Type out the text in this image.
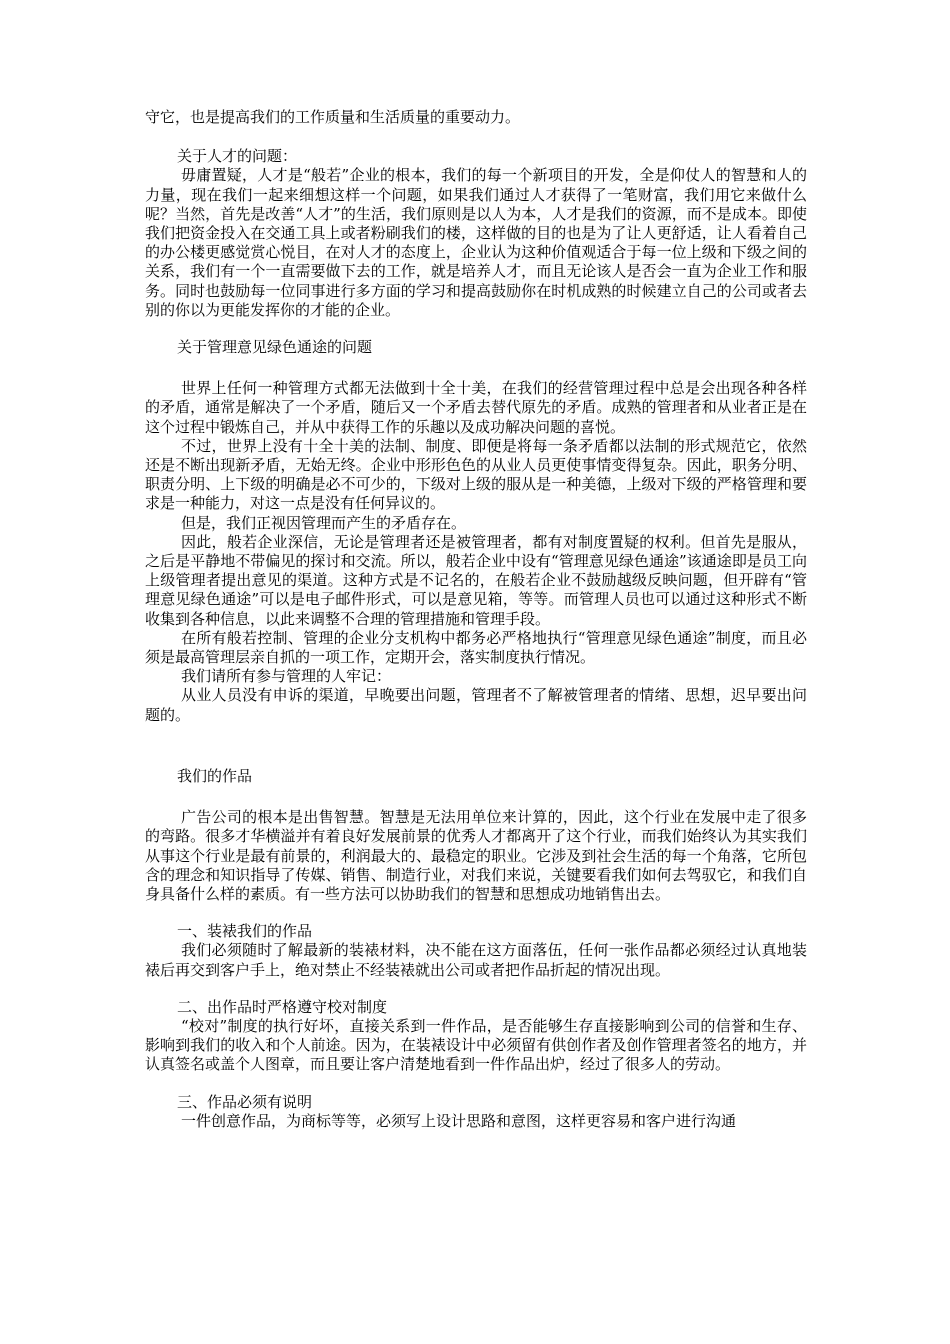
守它，也是提高我们的工作质量和生活质量的重要动力。
关于人才的问题：
毋庸置疑，人才是“般若”企业的根本，我们的每一个新项目的开发，全是仰仗人的智慧和人的力量，现在我们一起来细想这样一个问题，如果我们通过人才获得了一笔财富，我们用它来做什么呢？当然，首先是改善“人才”的生活，我们原则是以人为本，人才是我们的资源，而不是成本。即使我们把资金投入在交通工具上或者粉刷我们的楼，这样做的目的也是为了让人更舒适，让人看着自己的办公楼更感觉赏心悦目，在对人才的态度上，企业认为这种价值观适合于每一位上级和下级之间的关系，我们有一个一直需要做下去的工作，就是培养人才，而且无论该人是否会一直为企业工作和服务。同时也鼓励每一位同事进行多方面的学习和提高鼓励你在时机成熟的时候建立自己的公司或者去别的你以为更能发挥你的才能的企业。
关于管理意见绿色通途的问题
世界上任何一种管理方式都无法做到十全十美，在我们的经营管理过程中总是会出现各种各样的矛盾，通常是解决了一个矛盾，随后又一个矛盾去替代原先的矛盾。成熟的管理者和从业者正是在这个过程中锻炼自己，并从中获得工作的乐趣以及成功解决问题的喜悦。
不过，世界上没有十全十美的法制、制度、即便是将每一条矛盾都以法制的形式规范它，依然还是不断出现新矛盾，无始无终。企业中形形色色的从业人员更使事情变得复杂。因此，职务分明、职责分明、上下级的明确是必不可少的，下级对上级的服从是一种美德，上级对下级的严格管理和要求是一种能力，对这一点是没有任何异议的。
但是，我们正视因管理而产生的矛盾存在。
因此，般若企业深信，无论是管理者还是被管理者，都有对制度置疑的权利。但首先是服从，之后是平静地不带偏见的探讨和交流。所以，般若企业中设有“管理意见绿色通途”该通途即是员工向上级管理者提出意见的渠道。这种方式是不记名的，在般若企业不鼓励越级反映问题，但开辟有“管理意见绿色通途”可以是电子邮件形式，可以是意见箱，等等。而管理人员也可以通过这种形式不断收集到各种信息，以此来调整不合理的管理措施和管理手段。
在所有般若控制、管理的企业分支机构中都务必严格地执行“管理意见绿色通途”制度，而且必须是最高管理层亲自抓的一项工作，定期开会，落实制度执行情况。
我们请所有参与管理的人牢记：
从业人员没有申诉的渠道，早晚要出问题，管理者不了解被管理者的情绪、思想，迟早要出问题的。
我们的作品
广告公司的根本是出售智慧。智慧是无法用单位来计算的，因此，这个行业在发展中走了很多的弯路。很多才华横溢并有着良好发展前景的优秀人才都离开了这个行业，而我们始终认为其实我们从事这个行业是最有前景的，利润最大的、最稳定的职业。它涉及到社会生活的每一个角落，它所包含的理念和知识指导了传媒、销售、制造行业，对我们来说，关键要看我们如何去驾驭它，和我们自身具备什么样的素质。有一些方法可以协助我们的智慧和思想成功地销售出去。
一、装裱我们的作品
我们必须随时了解最新的装裱材料，决不能在这方面落伍，任何一张作品都必须经过认真地装裱后再交到客户手上，绝对禁止不经装裱就出公司或者把作品折起的情况出现。
二、出作品时严格遵守校对制度
“校对”制度的执行好坏，直接关系到一件作品，是否能够生存直接影响到公司的信誉和生存、影响到我们的收入和个人前途。因为，在装裱设计中必须留有供创作者及创作管理者签名的地方，并认真签名或盖个人图章，而且要让客户清楚地看到一件作品出炉，经过了很多人的劳动。
三、作品必须有说明
一件创意作品，为商标等等，必须写上设计思路和意图，这样更容易和客户进行沟通
